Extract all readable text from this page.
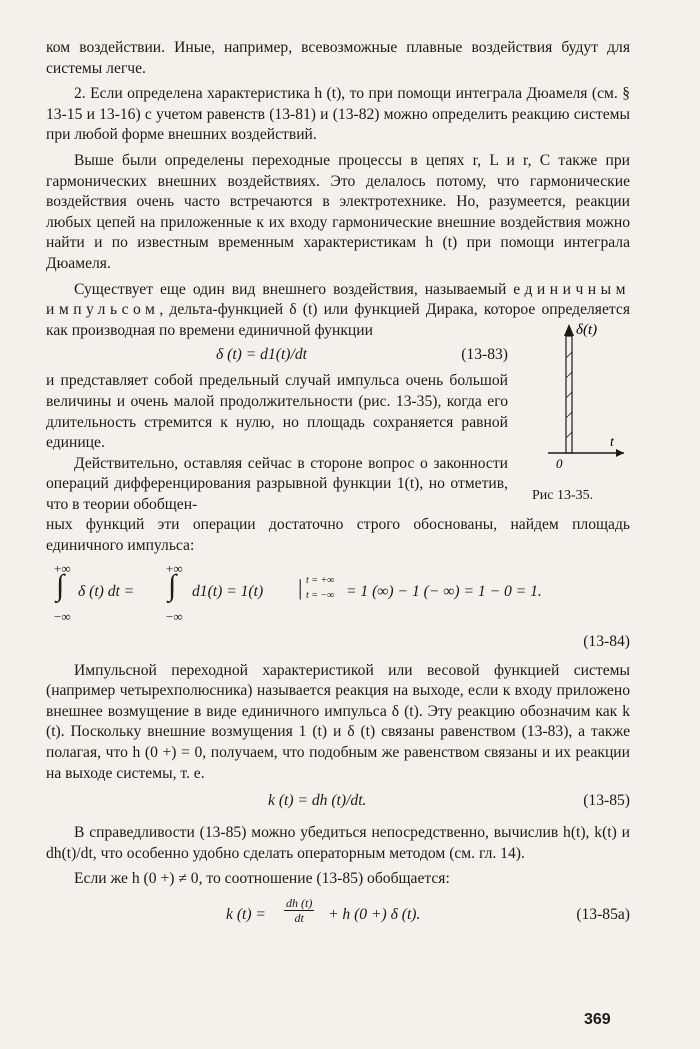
ком воздействии. Иные, например, всевозможные плавные воздействия будут для системы легче.

2. Если определена характеристика h (t), то при помощи интеграла Дюамеля (см. § 13-15 и 13-16) с учетом равенств (13-81) и (13-82) можно определить реакцию системы при любой форме внешних воздействий.

Выше были определены переходные процессы в цепях r, L и r, C также при гармонических внешних воздействиях. Это делалось потому, что гармонические воздействия очень часто встречаются в электротехнике. Но, разумеется, реакции любых цепей на приложенные к их входу гармонические внешние воздействия можно найти и по известным временным характеристикам h (t) при помощи интеграла Дюамеля.

Существует еще один вид внешнего воздействия, называемый единичным импульсом, дельта-функцией δ (t) или функцией Дирака, которое определяется как производная по времени единичной функции

δ (t) = d1(t)/dt	(13-83)

и представляет собой предельный случай импульса очень большой величины и очень малой продолжительности (рис. 13-35), когда его длительность стремится к нулю, но площадь сохраняется равной единице.

Действительно, оставляя сейчас в стороне вопрос о законности операций дифференцирования разрывной функции 1(t), но отметив, что в теории обобщен-

δ(t)
t
0
Рис 13-35.

ных функций эти операции достаточно строго обоснованы, найдем площадь единичного импульса:

+∞
∫
−∞
δ (t) dt =
+∞
∫
−∞
d1(t) = 1(t) | t = +∞
t = −∞ = 1 (∞) − 1 (− ∞) = 1 − 0 = 1.
(13-84)

Импульсной переходной характеристикой или весовой функцией системы (например четырехполюсника) называется реакция на выходе, если к входу приложено внешнее возмущение в виде единичного импульса δ (t). Эту реакцию обозначим как k (t). Поскольку внешние возмущения 1 (t) и δ (t) связаны равенством (13-83), а также полагая, что h (0 +) = 0, получаем, что подобным же равенством связаны и их реакции на выходе системы, т. е.

k (t) = dh (t)/dt.	(13-85)

В справедливости (13-85) можно убедиться непосредственно, вычислив h(t), k(t) и dh(t)/dt, что особенно удобно сделать операторным методом (см. гл. 14).

Если же h (0 +) ≠ 0, то соотношение (13-85) обобщается:

k $(t) = \frac{dh (t)}{dt} + h$ (0 +) δ (t).	(13-85a)
369
